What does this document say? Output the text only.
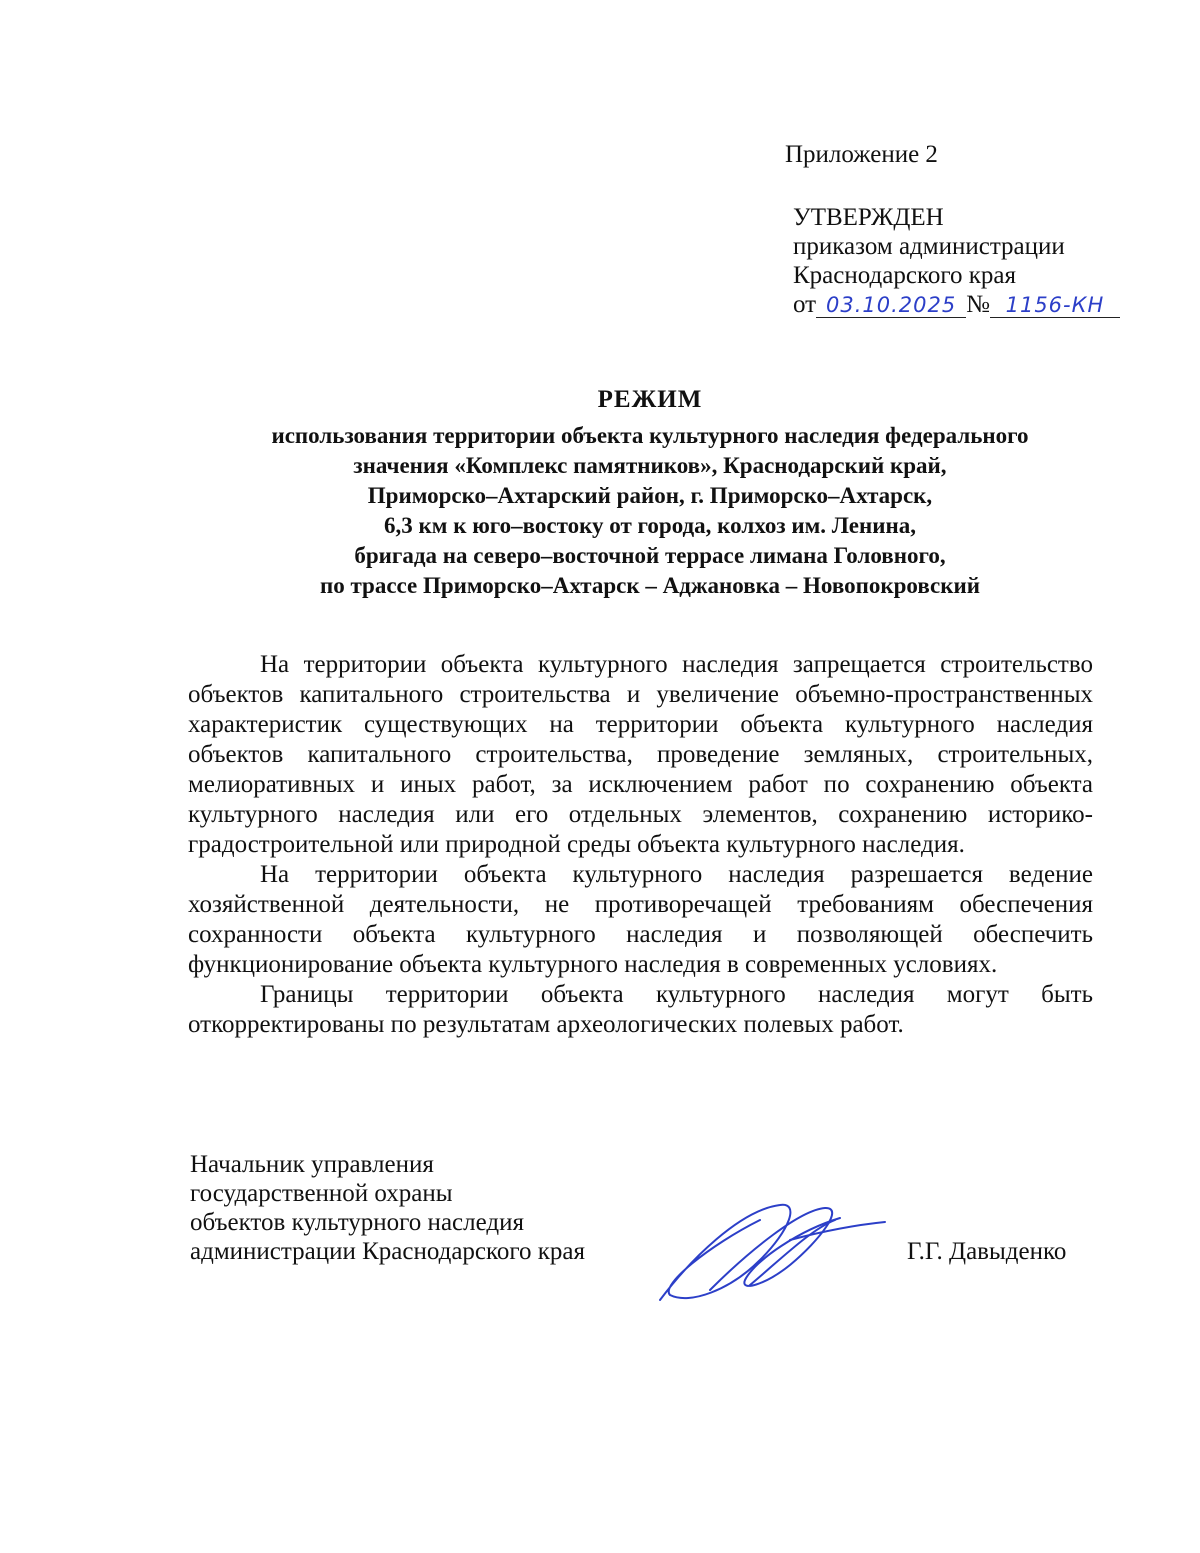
Приложение 2
УТВЕРЖДЕН
приказом администрации
Краснодарского края
от 03.10.2025 № 1156-КН
РЕЖИМ
использования территории объекта культурного наследия федерального
значения «Комплекс памятников», Краснодарский край,
Приморско–Ахтарский район, г. Приморско–Ахтарск,
6,3 км к юго–востоку от города, колхоз им. Ленина,
бригада на северо–восточной террасе лимана Головного,
по трассе Приморско–Ахтарск – Аджановка – Новопокровский

На территории объекта культурного наследия запрещается строительство объектов капитального строительства и увеличение объемно-пространственных характеристик существующих на территории объекта культурного наследия объектов капитального строительства, проведение земляных, строительных, мелиоративных и иных работ, за исключением работ по сохранению объекта культурного наследия или его отдельных элементов, сохранению историко-градостроительной или природной среды объекта культурного наследия.

На территории объекта культурного наследия разрешается ведение хозяйственной деятельности, не противоречащей требованиям обеспечения сохранности объекта культурного наследия и позволяющей обеспечить функционирование объекта культурного наследия в современных условиях.

Границы территории объекта культурного наследия могут быть откорректированы по результатам археологических полевых работ.

Начальник управления
государственной охраны
объектов культурного наследия
администрации Краснодарского края	Г.Г. Давыденко
